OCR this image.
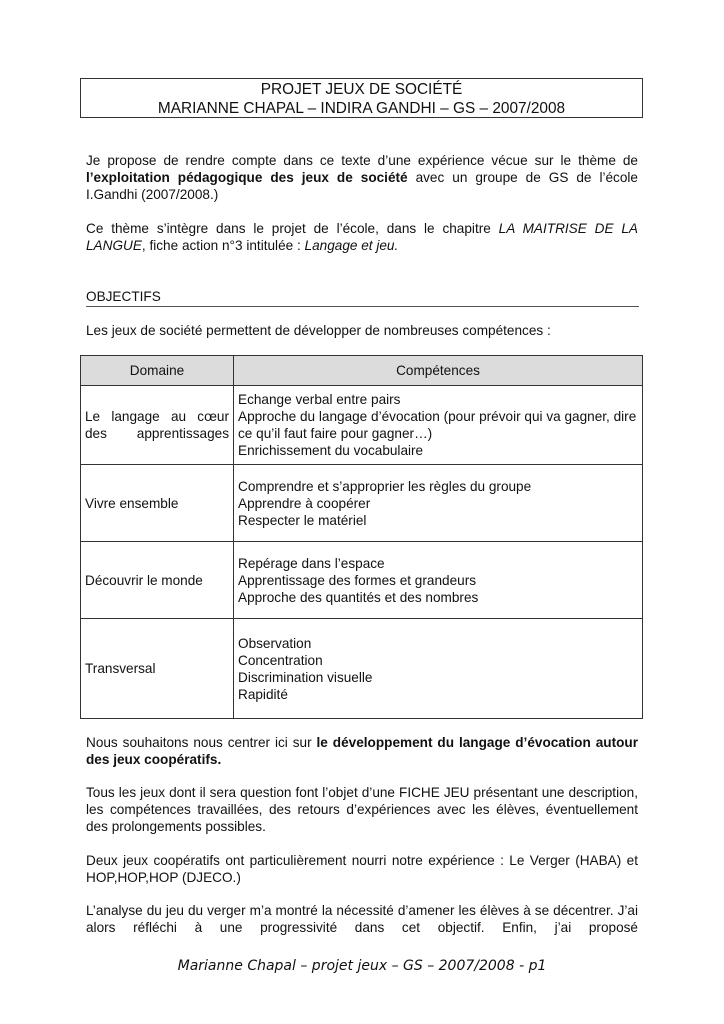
PROJET JEUX DE SOCIÉTÉ
MARIANNE CHAPAL – INDIRA GANDHI – GS – 2007/2008

Je propose de rendre compte dans ce texte d’une expérience vécue sur le thème de l’exploitation pédagogique des jeux de société avec un groupe de GS de l’école I.Gandhi (2007/2008.)

Ce thème s’intègre dans le projet de l’école, dans le chapitre LA MAITRISE DE LA LANGUE, fiche action n°3 intitulée : Langage et jeu.

OBJECTIFS

Les jeux de société permettent de développer de nombreuses compétences :

Domaine	Compétences
Le langage au cœur des apprentissages	Echange verbal entre pairs
Approche du langage d’évocation (pour prévoir qui va gagner, dire ce qu’il faut faire pour gagner…)
Enrichissement du vocabulaire

Vivre ensemble	Comprendre et s’approprier les règles du groupe
Apprendre à coopérer
Respecter le matériel

Découvrir le monde	Repérage dans l’espace
Apprentissage des formes et grandeurs
Approche des quantités et des nombres

Transversal	Observation
Concentration
Discrimination visuelle
Rapidité

Nous souhaitons nous centrer ici sur le développement du langage d’évocation autour des jeux coopératifs.

Tous les jeux dont il sera question font l’objet d’une FICHE JEU présentant une description, les compétences travaillées, des retours d’expériences avec les élèves, éventuellement des prolongements possibles.

Deux jeux coopératifs ont particulièrement nourri notre expérience : Le Verger (HABA) et HOP,HOP,HOP (DJECO.)

L’analyse du jeu du verger m’a montré la nécessité d’amener les élèves à se décentrer. J’ai alors réfléchi à une progressivité dans cet objectif. Enfin, j’ai proposé

Marianne Chapal – projet jeux – GS – 2007/2008 - p1
